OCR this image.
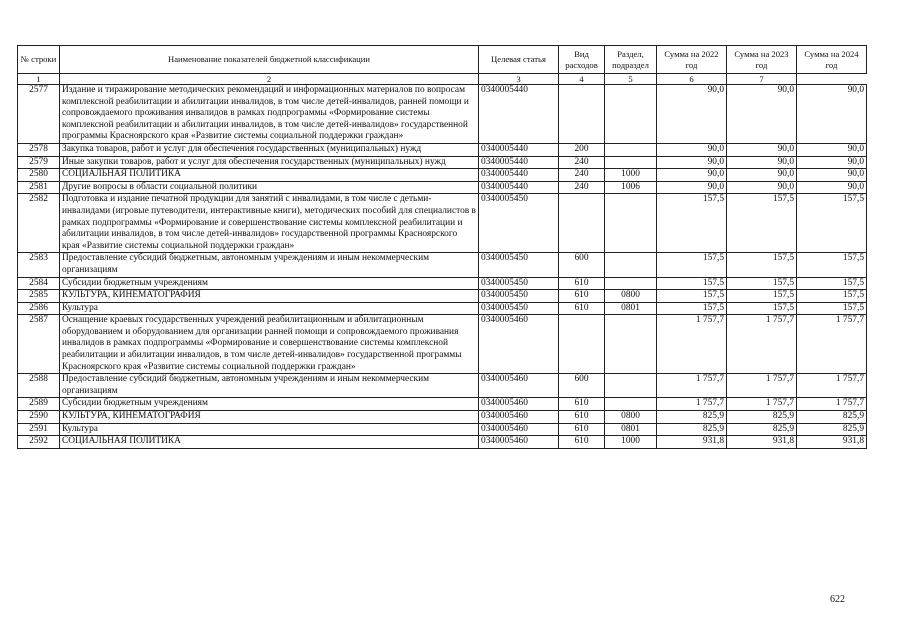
№ строки	Наименование показателей бюджетной классификации	Целевая статья	Вид расходов	Раздел, подраздел	Сумма на 2022 год	Сумма на 2023 год	Сумма на 2024 год
1	2	3	4	5	6	7	
2577	Издание и тиражирование методических рекомендаций и информационных материалов по вопросам комплексной реабилитации и абилитации инвалидов, в том числе детей-инвалидов, ранней помощи и сопровождаемого проживания инвалидов в рамках подпрограммы «Формирование системы комплексной реабилитации и абилитации инвалидов, в том числе детей-инвалидов» государственной программы Красноярского края «Развитие системы социальной поддержки граждан»	0340005440			90,0	90,0	90,0
2578	Закупка товаров, работ и услуг для обеспечения государственных (муниципальных) нужд	0340005440	200		90,0	90,0	90,0
2579	Иные закупки товаров, работ и услуг для обеспечения государственных (муниципальных) нужд	0340005440	240		90,0	90,0	90,0
2580	СОЦИАЛЬНАЯ ПОЛИТИКА	0340005440	240	1000	90,0	90,0	90,0
2581	Другие вопросы в области социальной политики	0340005440	240	1006	90,0	90,0	90,0
2582	Подготовка и издание печатной продукции для занятий с инвалидами, в том числе с детьми-инвалидами (игровые путеводители, интерактивные книги), методических пособий для специалистов в рамках подпрограммы «Формирование и совершенствование системы комплексной реабилитации и абилитации инвалидов, в том числе детей-инвалидов» государственной программы Красноярского края «Развитие системы социальной поддержки граждан»	0340005450			157,5	157,5	157,5
2583	Предоставление субсидий бюджетным, автономным учреждениям и иным некоммерческим организациям	0340005450	600		157,5	157,5	157,5
2584	Субсидии бюджетным учреждениям	0340005450	610		157,5	157,5	157,5
2585	КУЛЬТУРА, КИНЕМАТОГРАФИЯ	0340005450	610	0800	157,5	157,5	157,5
2586	Культура	0340005450	610	0801	157,5	157,5	157,5
2587	Оснащение краевых государственных учреждений реабилитационным и абилитационным оборудованием и оборудованием для организации ранней помощи и сопровождаемого проживания инвалидов в рамках подпрограммы «Формирование и совершенствование системы комплексной реабилитации и абилитации инвалидов, в том числе детей-инвалидов» государственной программы Красноярского края «Развитие системы социальной поддержки граждан»	0340005460			1 757,7	1 757,7	1 757,7
2588	Предоставление субсидий бюджетным, автономным учреждениям и иным некоммерческим организациям	0340005460	600		1 757,7	1 757,7	1 757,7
2589	Субсидии бюджетным учреждениям	0340005460	610		1 757,7	1 757,7	1 757,7
2590	КУЛЬТУРА, КИНЕМАТОГРАФИЯ	0340005460	610	0800	825,9	825,9	825,9
2591	Культура	0340005460	610	0801	825,9	825,9	825,9
2592	СОЦИАЛЬНАЯ ПОЛИТИКА	0340005460	610	1000	931,8	931,8	931,8
622
